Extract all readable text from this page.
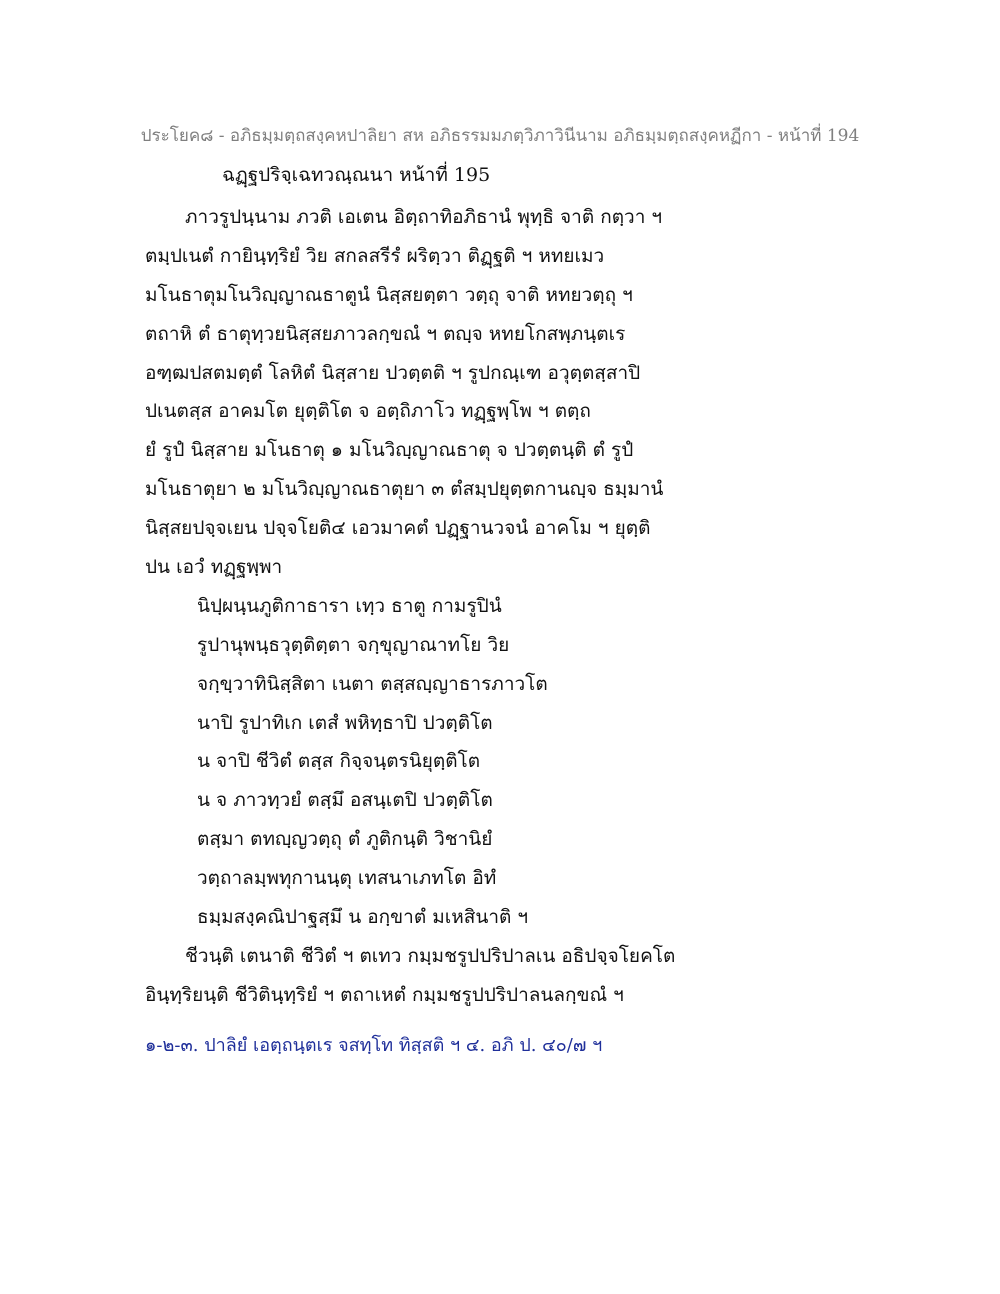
ประโยค๘ - อภิธมฺมตฺถสงฺคหปาลิยา สห อภิธรรมมภตฺวิภาวินีนาม อภิธมฺมตฺถสงฺคหฏีกา - หน้าที่ 194
ฉฏฺฐปริจฺเฉทวณฺณนา หน้าที่ 195
ภาวรูปนฺนาม ภวติ เอเตน อิตฺถาทิอภิธานํ พุทฺธิ จาติ กตฺวา ฯ
ตมฺปเนตํ กายินฺทฺริยํ วิย สกลสรีรํ ผริตฺวา ติฏฺฐติ ฯ หทยเมว
มโนธาตุมโนวิญฺญาณธาตูนํ นิสฺสยตฺตา วตฺถุ จาติ หทยวตฺถุ ฯ
ตถาหิ ตํ ธาตุทฺวยนิสฺสยภาวลกฺขณํ ฯ ตญฺจ หทยโกสพฺภนฺตเร
อฑฺฒปสตมตฺตํ โลหิตํ นิสฺสาย ปวตฺตติ ฯ รูปกณฺเฑ อวุตฺตสฺสาปิ
ปเนตสฺส อาคมโต ยุตฺติโต จ อตฺถิภาโว ทฏฺฐพฺโพ ฯ ตตฺถ
ยํ รูปํ นิสฺสาย มโนธาตุ ๑ มโนวิญฺญาณธาตุ จ ปวตฺตนฺติ ตํ รูปํ
มโนธาตุยา ๒ มโนวิญฺญาณธาตุยา ๓ ตํสมฺปยุตฺตกานญฺจ ธมฺมานํ
นิสฺสยปจฺจเยน ปจฺจโยติ๔ เอวมาคตํ ปฏฺฐานวจนํ อาคโม ฯ ยุตฺติ
ปน เอวํ ทฏฺฐพฺพา
นิปฺผนฺนภูติกาธารา เทฺว ธาตู กามรูปินํ
รูปานุพนฺธวุตฺติตฺตา จกฺขุญาณาทโย วิย
จกฺขฺวาทินิสฺสิตา เนตา ตสฺสญฺญาธารภาวโต
นาปิ รูปาทิเก เตสํ พหิทฺธาปิ ปวตฺติโต
น จาปิ ชีวิตํ ตสฺส กิจฺจนฺตรนิยุตฺติโต
น จ ภาวทฺวยํ ตสฺมึ อสนฺเตปิ ปวตฺติโต
ตสฺมา ตทญฺญวตฺถุ ตํ ภูติกนฺติ วิชานิยํ
วตฺถาลมฺพทุกานนฺตุ เทสนาเภทโต อิทํ
ธมฺมสงฺคณิปาฐสฺมึ น อกฺขาตํ มเหสินาติ ฯ
ชีวนฺติ เตนาติ ชีวิตํ ฯ ตเทว กมฺมชรูปปริปาลเน อธิปจฺจโยคโต
อินฺทฺริยนฺติ ชีวิตินฺทฺริยํ ฯ ตถาเหตํ กมฺมชรูปปริปาลนลกฺขณํ ฯ
๑-๒-๓. ปาลิยํ เอตฺถนฺตเร จสทฺโท ทิสฺสติ ฯ ๔. อภิ ป. ๔๐/๗ ฯ
